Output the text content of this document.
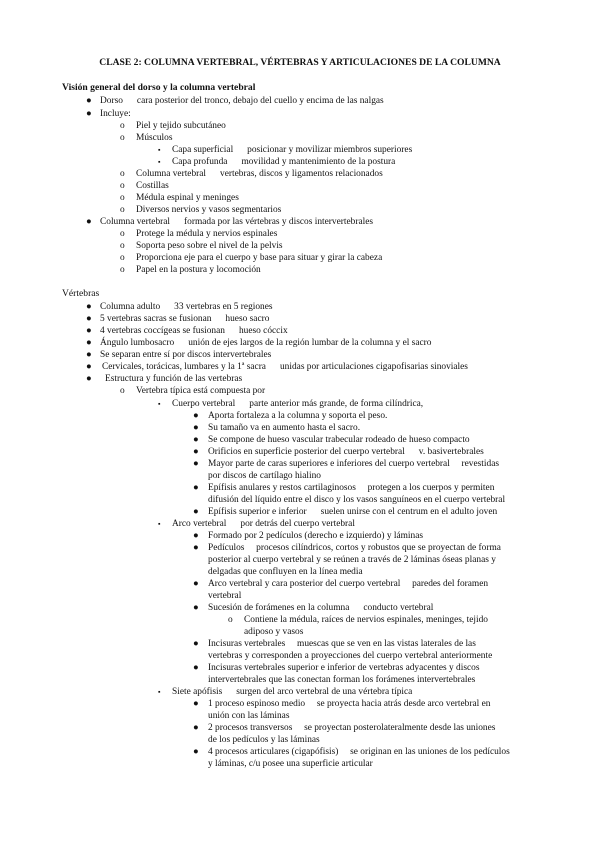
CLASE 2: COLUMNA VERTEBRAL, VÉRTEBRAS Y ARTICULACIONES DE LA COLUMNA
Visión general del dorso y la columna vertebral
● Dorso cara posterior del tronco, debajo del cuello y encima de las nalgas
● Incluye:
o Piel y tejido subcutáneo
o Músculos
▪ Capa superficial posicionar y movilizar miembros superiores
▪ Capa profunda movilidad y mantenimiento de la postura
o Columna vertebral vertebras, discos y ligamentos relacionados
o Costillas
o Médula espinal y meninges
o Diversos nervios y vasos segmentarios
● Columna vertebral formada por las vértebras y discos intervertebrales
o Protege la médula y nervios espinales
o Soporta peso sobre el nivel de la pelvis
o Proporciona eje para el cuerpo y base para situar y girar la cabeza
o Papel en la postura y locomoción
Vértebras
● Columna adulto 33 vertebras en 5 regiones
● 5 vertebras sacras se fusionan hueso sacro
● 4 vertebras coccígeas se fusionan hueso cóccix
● Ángulo lumbosacro unión de ejes largos de la región lumbar de la columna y el sacro
● Se separan entre sí por discos intervertebrales
● Cervicales, torácicas, lumbares y la 1ª sacra unidas por articulaciones cigapofisarias sinoviales
● Estructura y función de las vertebras
o Vertebra típica está compuesta por
▪ Cuerpo vertebral parte anterior más grande, de forma cilíndrica,
● Aporta fortaleza a la columna y soporta el peso.
● Su tamaño va en aumento hasta el sacro.
● Se compone de hueso vascular trabecular rodeado de hueso compacto
● Orificios en superficie posterior del cuerpo vertebral v. basivertebrales
● Mayor parte de caras superiores e inferiores del cuerpo vertebral     revestidas
por discos de cartílago hialino
● Epífisis anulares y restos cartilaginosos     protegen a los cuerpos y permiten
difusión del líquido entre el disco y los vasos sanguíneos en el cuerpo vertebral
● Epífisis superior e inferior suelen unirse con el centrum en el adulto joven
▪ Arco vertebral por detrás del cuerpo vertebral
● Formado por 2 pedículos (derecho e izquierdo) y láminas
● Pedículos     procesos cilíndricos, cortos y robustos que se proyectan de forma
posterior al cuerpo vertebral y se reúnen a través de 2 láminas óseas planas y
delgadas que confluyen en la línea media
● Arco vertebral y cara posterior del cuerpo vertebral     paredes del foramen
vertebral
● Sucesión de forámenes en la columna conducto vertebral
o Contiene la médula, raíces de nervios espinales, meninges, tejido
adiposo y vasos
● Incisuras vertebrales     muescas que se ven en las vistas laterales de las
vertebras y corresponden a proyecciones del cuerpo vertebral anteriormente
● Incisuras vertebrales superior e inferior de vertebras adyacentes y discos
intervertebrales que las conectan forman los forámenes intervertebrales
▪ Siete apófisis surgen del arco vertebral de una vértebra típica
● 1 proceso espinoso medio     se proyecta hacia atrás desde arco vertebral en
unión con las láminas
● 2 procesos transversos     se proyectan posterolateralmente desde las uniones
de los pedículos y las láminas
● 4 procesos articulares (cigapófisis)     se originan en las uniones de los pedículos
y láminas, c/u posee una superficie articular
